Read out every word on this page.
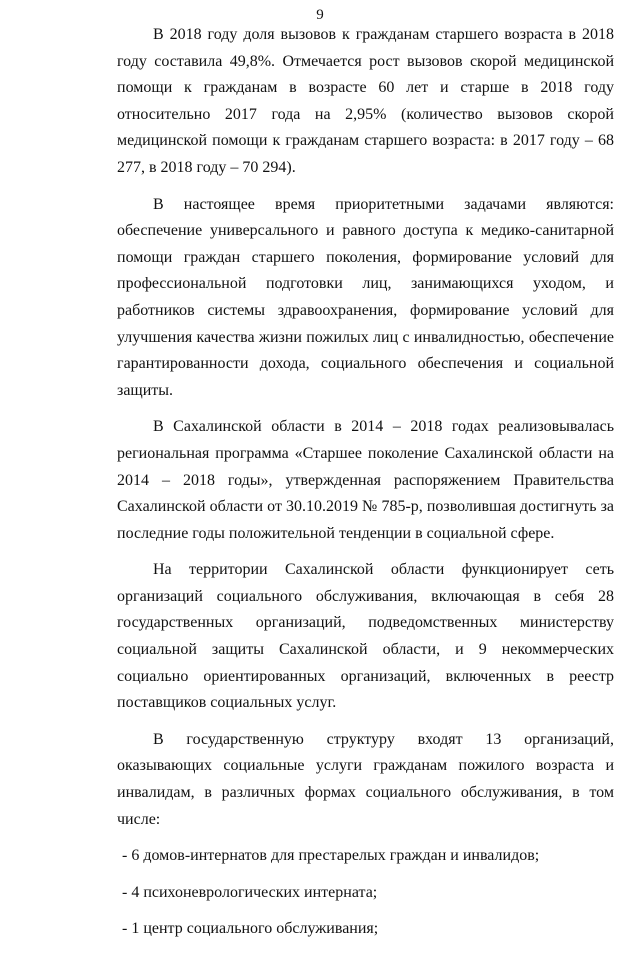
9

В 2018 году доля вызовов к гражданам старшего возраста в 2018 году составила 49,8%. Отмечается рост вызовов скорой медицинской помощи к гражданам в возрасте 60 лет и старше в 2018 году относительно 2017 года на 2,95% (количество вызовов скорой медицинской помощи к гражданам старшего возраста: в 2017 году – 68 277, в 2018 году – 70 294).

В настоящее время приоритетными задачами являются: обеспечение универсального и равного доступа к медико-санитарной помощи граждан старшего поколения, формирование условий для профессиональной подготовки лиц, занимающихся уходом, и работников системы здравоохранения, формирование условий для улучшения качества жизни пожилых лиц с инвалидностью, обеспечение гарантированности дохода, социального обеспечения и социальной защиты.

В Сахалинской области в 2014 – 2018 годах реализовывалась региональная программа «Старшее поколение Сахалинской области на 2014 – 2018 годы», утвержденная распоряжением Правительства Сахалинской области от 30.10.2019 № 785-р, позволившая достигнуть за последние годы положительной тенденции в социальной сфере.

На территории Сахалинской области функционирует сеть организаций социального обслуживания, включающая в себя 28 государственных организаций, подведомственных министерству социальной защиты Сахалинской области, и 9 некоммерческих социально ориентированных организаций, включенных в реестр поставщиков социальных услуг.

В государственную структуру входят 13 организаций, оказывающих социальные услуги гражданам пожилого возраста и инвалидам, в различных формах социального обслуживания, в том числе:

- 6 домов-интернатов для престарелых граждан и инвалидов;
- 4 психоневрологических интерната;
- 1 центр социального обслуживания;
